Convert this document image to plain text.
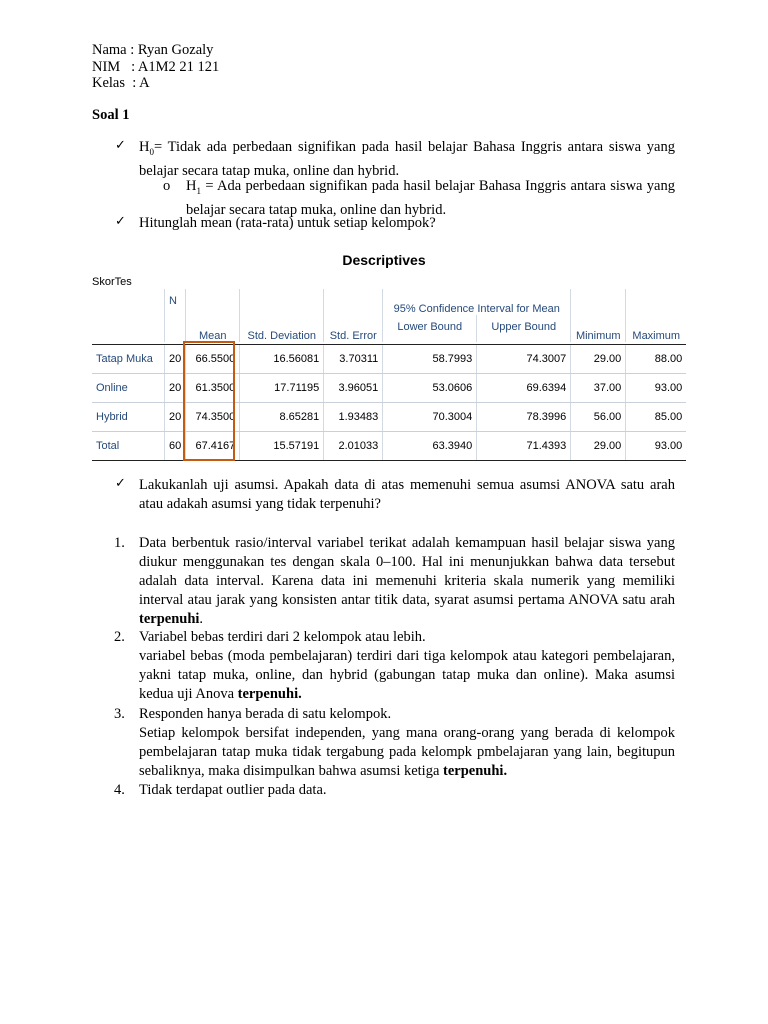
Nama : Ryan Gozaly
NIM   : A1M2 21 121
Kelas  : A
Soal 1
✓ $H_0=$ Tidak ada perbedaan signifikan pada hasil belajar Bahasa Inggris antara siswa yang belajar secara tatap muka, online dan hybrid.
o $H_1$ = Ada perbedaan signifikan pada hasil belajar Bahasa Inggris antara siswa yang belajar secara tatap muka, online dan hybrid.
✓ Hitunglah mean (rata-rata) untuk setiap kelompok?
Descriptives
SkorTes
	N				95% Confidence Interval for Mean			
		Mean	Std. Deviation	Std. Error	Lower Bound	Upper Bound	Minimum	Maximum

Tatap Muka	20	66.5500	16.56081	3.70311	58.7993	74.3007	29.00	88.00
Online	20	61.3500	17.71195	3.96051	53.0606	69.6394	37.00	93.00
Hybrid	20	74.3500	8.65281	1.93483	70.3004	78.3996	56.00	85.00
Total	60	67.4167	15.57191	2.01033	63.3940	71.4393	29.00	93.00
✓ Lakukanlah uji asumsi. Apakah data di atas memenuhi semua asumsi ANOVA satu arah atau adakah asumsi yang tidak terpenuhi?
1. Data berbentuk rasio/interval variabel terikat adalah kemampuan hasil belajar siswa yang diukur menggunakan tes dengan skala 0–100. Hal ini menunjukkan bahwa data tersebut adalah data interval. Karena data ini memenuhi kriteria skala numerik yang memiliki interval atau jarak yang konsisten antar titik data, syarat asumsi pertama ANOVA satu arah terpenuhi.
2. Variabel bebas terdiri dari 2 kelompok atau lebih.
variabel bebas (moda pembelajaran) terdiri dari tiga kelompok atau kategori pembelajaran, yakni tatap muka, online, dan hybrid (gabungan tatap muka dan online). Maka asumsi kedua uji Anova terpenuhi.
3. Responden hanya berada di satu kelompok.
Setiap kelompok bersifat independen, yang mana orang-orang yang berada di kelompok pembelajaran tatap muka tidak tergabung pada kelompk pmbelajaran yang lain, begitupun sebaliknya, maka disimpulkan bahwa asumsi ketiga terpenuhi.
4. Tidak terdapat outlier pada data.
